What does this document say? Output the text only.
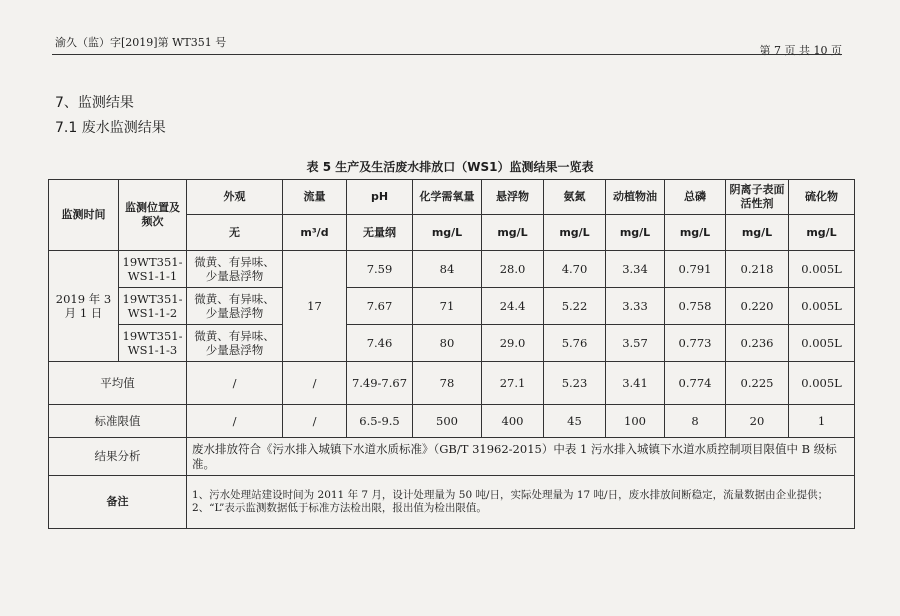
渝久（监）字[2019]第 WT351 号
第 7 页 共 10 页
7、监测结果
7.1 废水监测结果
表 5 生产及生活废水排放口（WS1）监测结果一览表
监测时间	监测位置及频次	外观	流量	pH	化学需氧量	悬浮物	氨氮	动植物油	总磷	阴离子表面活性剂	硫化物
		无	m³/d	无量纲	mg/L	mg/L	mg/L	mg/L	mg/L	mg/L	mg/L
2019 年 3 月 1 日	19WT351-WS1-1-1	微黄、有异味、少量悬浮物	17	7.59	84	28.0	4.70	3.34	0.791	0.218	0.005L
	19WT351-WS1-1-2	微黄、有异味、少量悬浮物		7.67	71	24.4	5.22	3.33	0.758	0.220	0.005L
	19WT351-WS1-1-3	微黄、有异味、少量悬浮物		7.46	80	29.0	5.76	3.57	0.773	0.236	0.005L
平均值		/	/	7.49-7.67	78	27.1	5.23	3.41	0.774	0.225	0.005L
标准限值		/	/	6.5-9.5	500	400	45	100	8	20	1
结果分析		废水排放符合《污水排入城镇下水道水质标准》（GB/T 31962-2015）中表 1 污水排入城镇下水道水质控制项目限值中 B 级标准。									
备注		1、污水处理站建设时间为 2011 年 7 月，设计处理量为 50 吨/日，实际处理量为 17 吨/日，废水排放间断稳定，流量数据由企业提供；
2、“L”表示监测数据低于标准方法检出限，报出值为检出限值。									
